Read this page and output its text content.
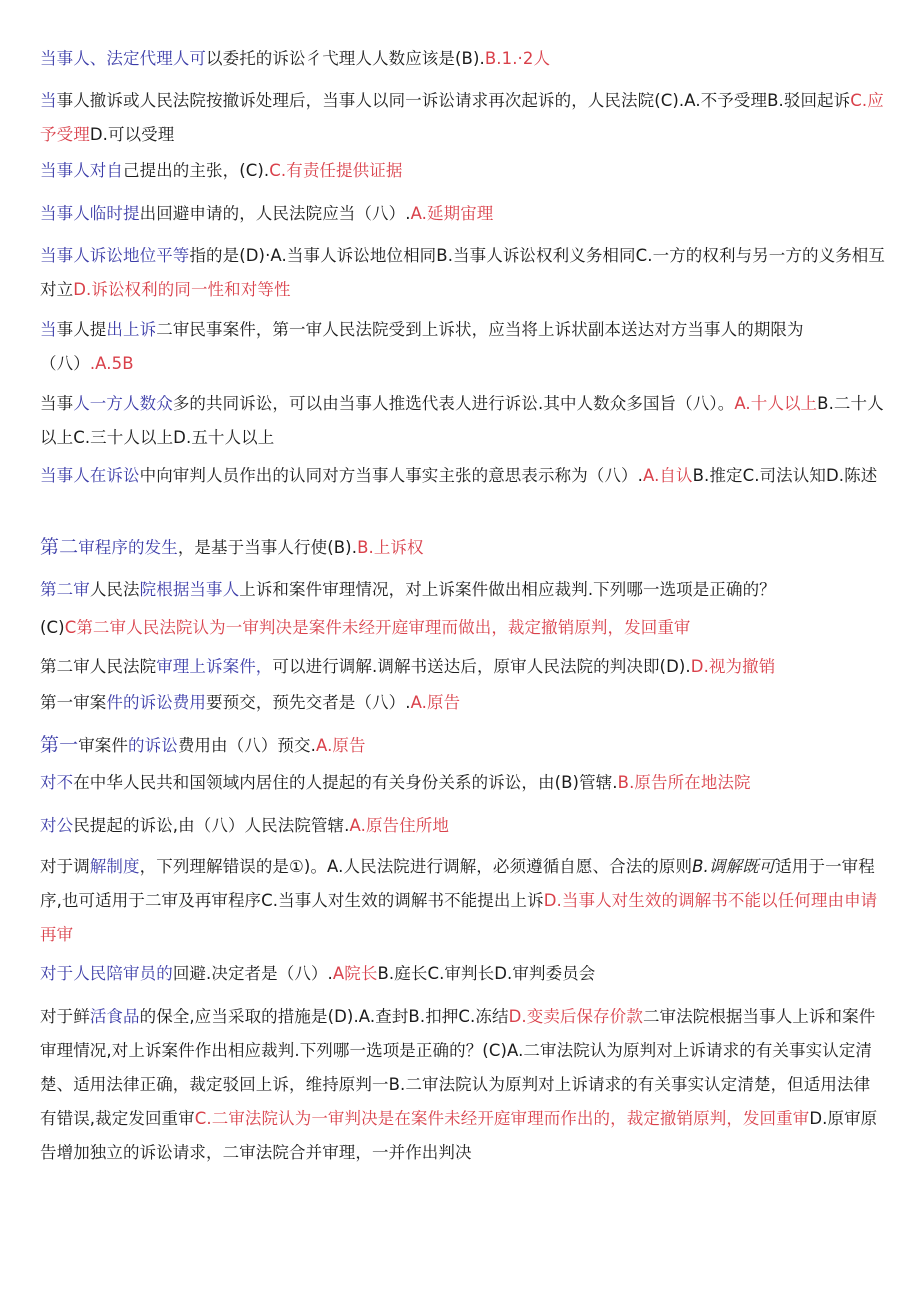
当事人、法定代理人可以委托的诉讼彳弋理人人数应该是(B).B.1.·2人

当事人撤诉或人民法院按撤诉处理后，当事人以同一诉讼请求再次起诉的，人民法院(C).A.不予受理B.驳回起诉C.应予受理D.可以受理

当事人对自己提出的主张，(C).C.有责任提供证据

当事人临时提出回避申请的，人民法院应当（八）.A.延期宙理

当事人诉讼地位平等指的是(D)·A.当事人诉讼地位相同B.当事人诉讼权利义务相同C.一方的权利与另一方的义务相互对立D.诉讼权利的同一性和对等性

当事人提出上诉二审民事案件，第一审人民法院受到上诉状，应当将上诉状副本送达对方当事人的期限为（八）.A.5B

当事人一方人数众多的共同诉讼，可以由当事人推选代表人进行诉讼.其中人数众多国旨（八）。A.十人以上B.二十人以上C.三十人以上D.五十人以上

当事人在诉讼中向审判人员作出的认同对方当事人事实主张的意思表示称为（八）.A.自认B.推定C.司法认知D.陈述

第二审程序的发生，是基于当事人行使(B).B.上诉权

第二审人民法院根据当事人上诉和案件审理情况，对上诉案件做出相应裁判.下列哪一选项是正确的？

(C)C第二审人民法院认为一审判决是案件未经开庭审理而做出，裁定撤销原判，发回重审

第二审人民法院审理上诉案件，可以进行调解.调解书送达后，原审人民法院的判决即(D).D.视为撤销

第一审案件的诉讼费用要预交，预先交者是（八）.A.原告

第一审案件的诉讼费用由（八）预交.A.原告

对不在中华人民共和国领域内居住的人提起的有关身份关系的诉讼，由(B)管辖.B.原告所在地法院

对公民提起的诉讼,由（八）人民法院管辖.A.原告住所地

对于调解制度，下列理解错误的是①)。A.人民法院进行调解，必须遵循自愿、合法的原则B.调解既可适用于一审程序,也可适用于二审及再审程序C.当事人对生效的调解书不能提出上诉D.当事人对生效的调解书不能以任何理由申请再审

对于人民陪审员的回避.决定者是（八）.A院长B.庭长C.审判长D.审判委员会

对于鲜活食品的保全,应当采取的措施是(D).A.查封B.扣押C.冻结D.变卖后保存价款二审法院根据当事人上诉和案件审理情况,对上诉案件作出相应裁判.下列哪一选项是正确的？(C)A.二审法院认为原判对上诉请求的有关事实认定清楚、适用法律正确，裁定驳回上诉，维持原判一B.二审法院认为原判对上诉请求的有关事实认定清楚，但适用法律有错误,裁定发回重审C.二审法院认为一审判决是在案件未经开庭审理而作出的，裁定撤销原判，发回重审D.原审原告增加独立的诉讼请求，二审法院合并审理，一并作出判决
